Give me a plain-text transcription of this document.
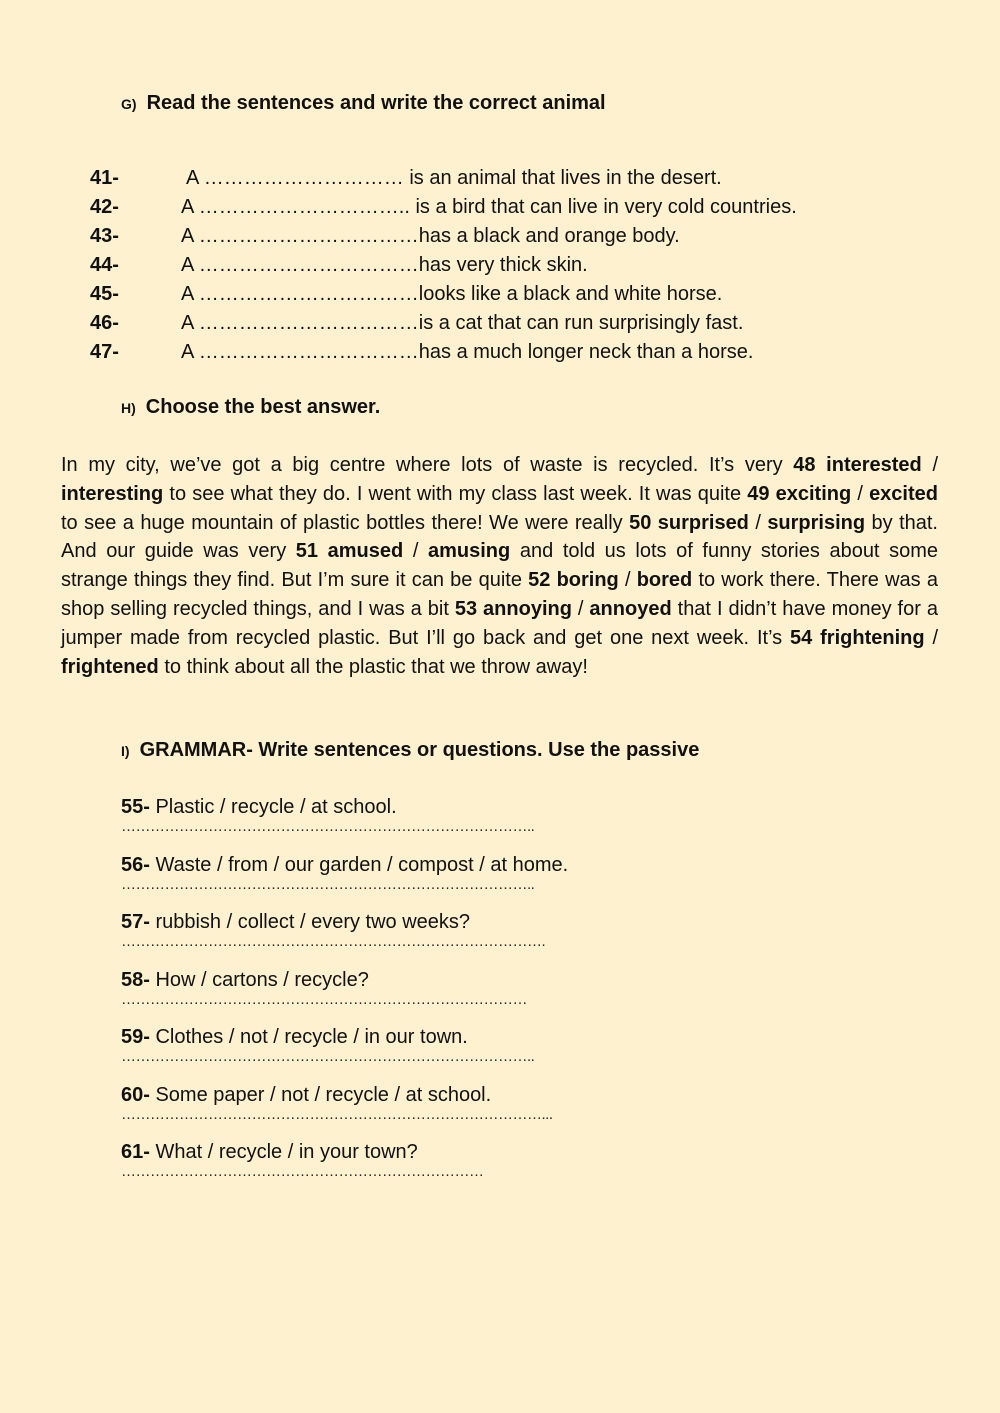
G) Read the sentences and write the correct animal
41-	A ………………………… is an animal that lives in the desert.
42-	A ………………………….. is a bird that can live in very cold countries.
43-	A ……………………………has a black and orange body.
44-	A ……………………………has very thick skin.
45-	A ……………………………looks like a black and white horse.
46-	A ……………………………is a cat that can run surprisingly fast.
47-	A ……………………………has a much longer neck than a horse.
H) Choose the best answer.
In my city, we’ve got a big centre where lots of waste is recycled. It’s very 48 interested / interesting to see what they do. I went with my class last week. It was quite 49 exciting / excited to see a huge mountain of plastic bottles there! We were really 50 surprised / surprising by that. And our guide was very 51 amused / amusing and told us lots of funny stories about some strange things they find. But I’m sure it can be quite 52 boring / bored to work there. There was a shop selling recycled things, and I was a bit 53 annoying / annoyed that I didn’t have money for a jumper made from recycled plastic. But I’ll go back and get one next week. It’s 54 frightening / frightened to think about all the plastic that we throw away!
I) GRAMMAR- Write sentences or questions. Use the passive
55- Plastic / recycle / at school.
…………………………………………………………………………..
56- Waste / from / our garden / compost / at home.
…………………………………………………………………………..
57- rubbish / collect / every two weeks?
…………………………………………………………………………….
58- How / cartons / recycle?
…………………………………………………………………………
59- Clothes / not / recycle / in our town.
…………………………………………………………………………..
60- Some paper / not / recycle / at school.
……………………………………………………………………………...
61- What / recycle / in your town?
…………………………………………………………………
